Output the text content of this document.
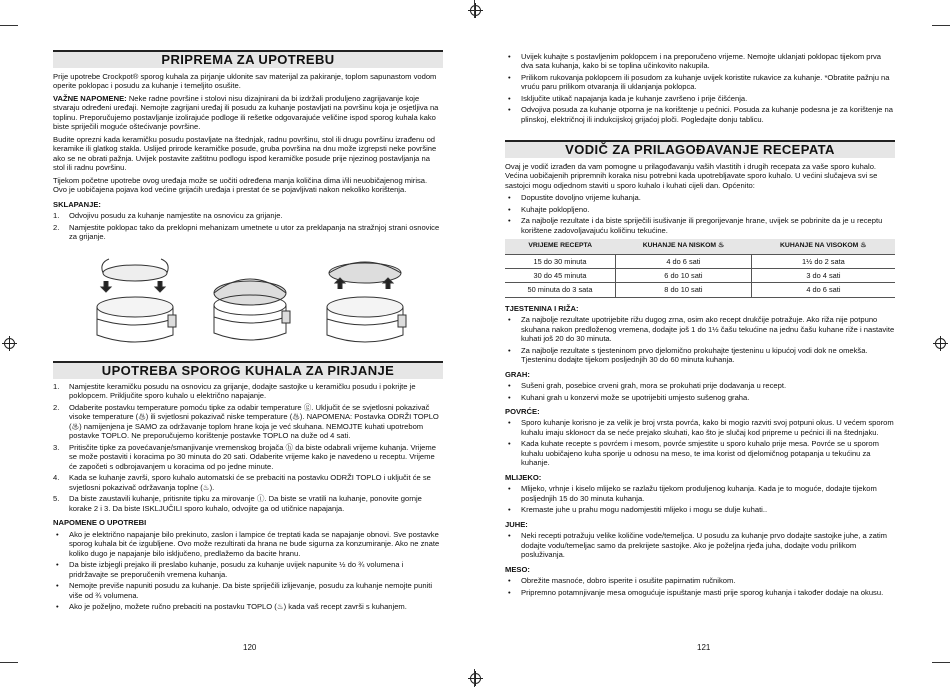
PRIPREMA ZA UPOTREBU

Prije upotrebe Crockpot® sporog kuhala za pirjanje uklonite sav materijal za pakiranje, toplom sapunastom vodom operite poklopac i posudu za kuhanje i temeljito osušite.

VAŽNE NAPOMENE: Neke radne površine i stolovi nisu dizajnirani da bi izdržali produljeno zagrijavanje koje stvaraju određeni uređaji. Nemojte zagrijani uređaj ili posudu za kuhanje postavljati na površinu koja je osjetljiva na toplinu. Preporučujemo postavljanje izolirajuće podloge ili rešetke odgovarajuće veličine ispod sporog kuhala kako biste spriječili moguće oštećivanje površine.

Budite oprezni kada keramičku posudu postavljate na štednjak, radnu površinu, stol ili drugu površinu izrađenu od keramike ili glatkog stakla. Uslijed prirode keramičke posude, gruba površina na dnu može izgrepsti neke površine ako se ne obrati pažnja. Uvijek postavite zaštitnu podlogu ispod keramičke posude prije njezinog postavljanja na stol ili radnu površinu.

Tijekom početne upotrebe ovog uređaja može se uočiti određena manja količina dima i/ili neuobičajenog mirisa. Ovo je uobičajena pojava kod većine grijaćih uređaja i prestat će se pojavljivati nakon nekoliko korištenja.

SKLAPANJE:
1. Odvojivu posudu za kuhanje namjestite na osnovicu za grijanje.
2. Namjestite poklopac tako da preklopni mehanizam umetnete u utor za preklapanja na stražnjoj strani osnovice za grijanje.
UPOTREBA SPOROG KUHALA ZA PIRJANJE
1. Namjestite keramičku posudu na osnovicu za grijanje, dodajte sastojke u keramičku posudu i pokrijte je poklopcem. Priključite sporo kuhalo u električno napajanje.
2. Odaberite postavku temperature pomoću tipke za odabir temperature ⓖ. Uključit će se svjetlosni pokazivač visoke temperature (♨) ili svjetlosni pokazivač niske temperature (♨). NAPOMENA: Postavka ODRŽI TOPLO (♨) namijenjena je SAMO za održavanje toplom hrane koja je već skuhana. NEMOJTE kuhati upotrebom postavke TOPLO. Ne preporučujemo korištenje postavke TOPLO na duže od 4 sati.
3. Pritisčite tipke za povećavanje/smanjivanje vremenskog brojača ⓗ da biste odabrali vrijeme kuhanja. Vrijeme se može postaviti i koracima po 30 minuta do 20 sati. Odaberite vrijeme kako je navedeno u receptu. Vrijeme će započeti s odbrojavanjem u koracima od po jedne minute.
4. Kada se kuhanje završi, sporo kuhalo automatski će se prebaciti na postavku ODRŽI TOPLO i uključit će se svjetlosni pokazivač održavanja toplne (♨).
5. Da biste zaustavili kuhanje, pritisnite tipku za mirovanje ⓘ. Da biste se vratili na kuhanje, ponovite gornje korake 2 i 3. Da biste ISKLJUČILI sporo kuhalo, odvojite ga od utičnice napajanja.
NAPOMENE O UPOTREBI
• Ako je električno napajanje bilo prekinuto, zaslon i lampice će treptati kada se napajanje obnovi. Sve postavke sporog kuhala bit će izgubljene. Ovo može rezultirati da hrana ne bude sigurna za konzumiranje. Ako ne znate koliko dugo je napajanje bilo isključeno, predlažemo da bacite hranu.
• Da biste izbjegli prejako ili preslabo kuhanje, posudu za kuhanje uvijek napunite ½ do ¾ volumena i pridržavajte se preporučenih vremena kuhanja.
• Nemojte previše napuniti posudu za kuhanje. Da biste spriječili izlijevanje, posudu za kuhanje nemojte puniti više od ¾ volumena.
• Ako je poželjno, možete ručno prebaciti na postavku TOPLO (♨) kada vaš recept završi s kuhanjem.
120
• Uvijek kuhajte s postavljenim poklopcem i na preporučeno vrijeme. Nemojte uklanjati poklopac tijekom prva dva sata kuhanja, kako bi se toplina učinkovito nakupila.
• Prilikom rukovanja poklopcem ili posudom za kuhanje uvijek koristite rukavice za kuhanje. *Obratite pažnju na vruću paru prilikom otvaranja ili uklanjanja poklopca.
• Isključite utikač napajanja kada je kuhanje završeno i prije čišćenja.
• Odvojiva posuda za kuhanje otporna je na korištenje u pećnici. Posuda za kuhanje podesna je za korištenje na plinskoj, električnoj ili indukcijskoj grijaćoj ploči. Pogledajte donju tablicu.
VODIČ ZA PRILAGOĐAVANJE RECEPATA

Ovaj je vodič izrađen da vam pomogne u prilagođavanju vaših vlastitih i drugih recepata za vaše sporo kuhalo. Većina uobičajenih pripremnih koraka nisu potrebni kada upotrebljavate sporo kuhalo. U većini slučajeva svi se sastojci mogu odjednom staviti u sporo kuhalo i kuhati cijeli dan. Općenito:

• Dopustite dovoljno vrijeme kuhanja.
• Kuhajte poklopljeno.
• Za najbolje rezultate i da biste spriječili isušivanje ili pregorijevanje hrane, uvijek se pobrinite da je u receptu korištene zadovoljavajuću količinu tekućine.
VRIJEME RECEPTA	KUHANJE NA NISKOM ♨	KUHANJE NA VISOKOM ♨
15 do 30 minuta	4 do 6 sati	1½ do 2 sata
30 do 45 minuta	6 do 10 sati	3 do 4 sati
50 minuta do 3 sata	8 do 10 sati	4 do 6 sati
TJESTENINA I RIŽA:
• Za najbolje rezultate upotrijebite rižu dugog zrna, osim ako recept drukčije potražuje. Ako riža nije potpuno skuhana nakon predloženog vremena, dodajte još 1 do 1½ čašu tekućine na jednu čašu kuhane riže i nastavite kuhati još 20 do 30 minuta.
• Za najbolje rezultate s tjesteninom prvo djelomično prokuhajte tjesteninu u kipućoj vodi dok ne omekša. Tjesteninu dodajte tijekom posljednjih 30 do 60 minuta kuhanja.
GRAH:
• Sušeni grah, posebice crveni grah, mora se prokuhati prije dodavanja u recept.
• Kuhani grah u konzervi može se upotrijebiti umjesto sušenog graha.
POVRĆE:
• Sporo kuhanje korisno je za velik je broj vrsta povrća, kako bi mogio razviti svoj potpuni okus. U većem sporom kuhalu imaju skloност da se neće prejako skuhati, kao što je slučaj kod pripreme u pećnici ili na štednjaku.
• Kada kuhate recepte s povrćem i mesom, povrće smjestite u sporo kuhalo prije mesa. Povrće se u sporom kuhalu uobičajeno kuha sporije u odnosu na meso, te ima korist od djelomičnog potapanja u tekućinu za kuhanje.
MLIJEKO:
• Mlijeko, vrhnje i kiselo mlijeko se razlažu tijekom produljenog kuhanja. Kada je to moguće, dodajte tijekom posljednjih 15 do 30 minuta kuhanja.
• Kremaste juhe u prahu mogu nadomjestiti mlijeko i mogu se dulje kuhati..
JUHE:
• Neki recepti potražuju velike količine vode/temeljca. U posudu za kuhanje prvo dodajte sastojke juhe, a zatim dodajte vodu/temeljac samo da prekrijete sastojke. Ako je poželjna rjeđa juha, dodajte vodu prilikom posluživanja.
MESO:
• Obrežite masnoće, dobro isperite i osušite papirnatim ručnikom.
• Pripremno potamnjivanje mesa omogućuje ispuštanje masti prije sporog kuhanja i također dodaje na okusu.
121
